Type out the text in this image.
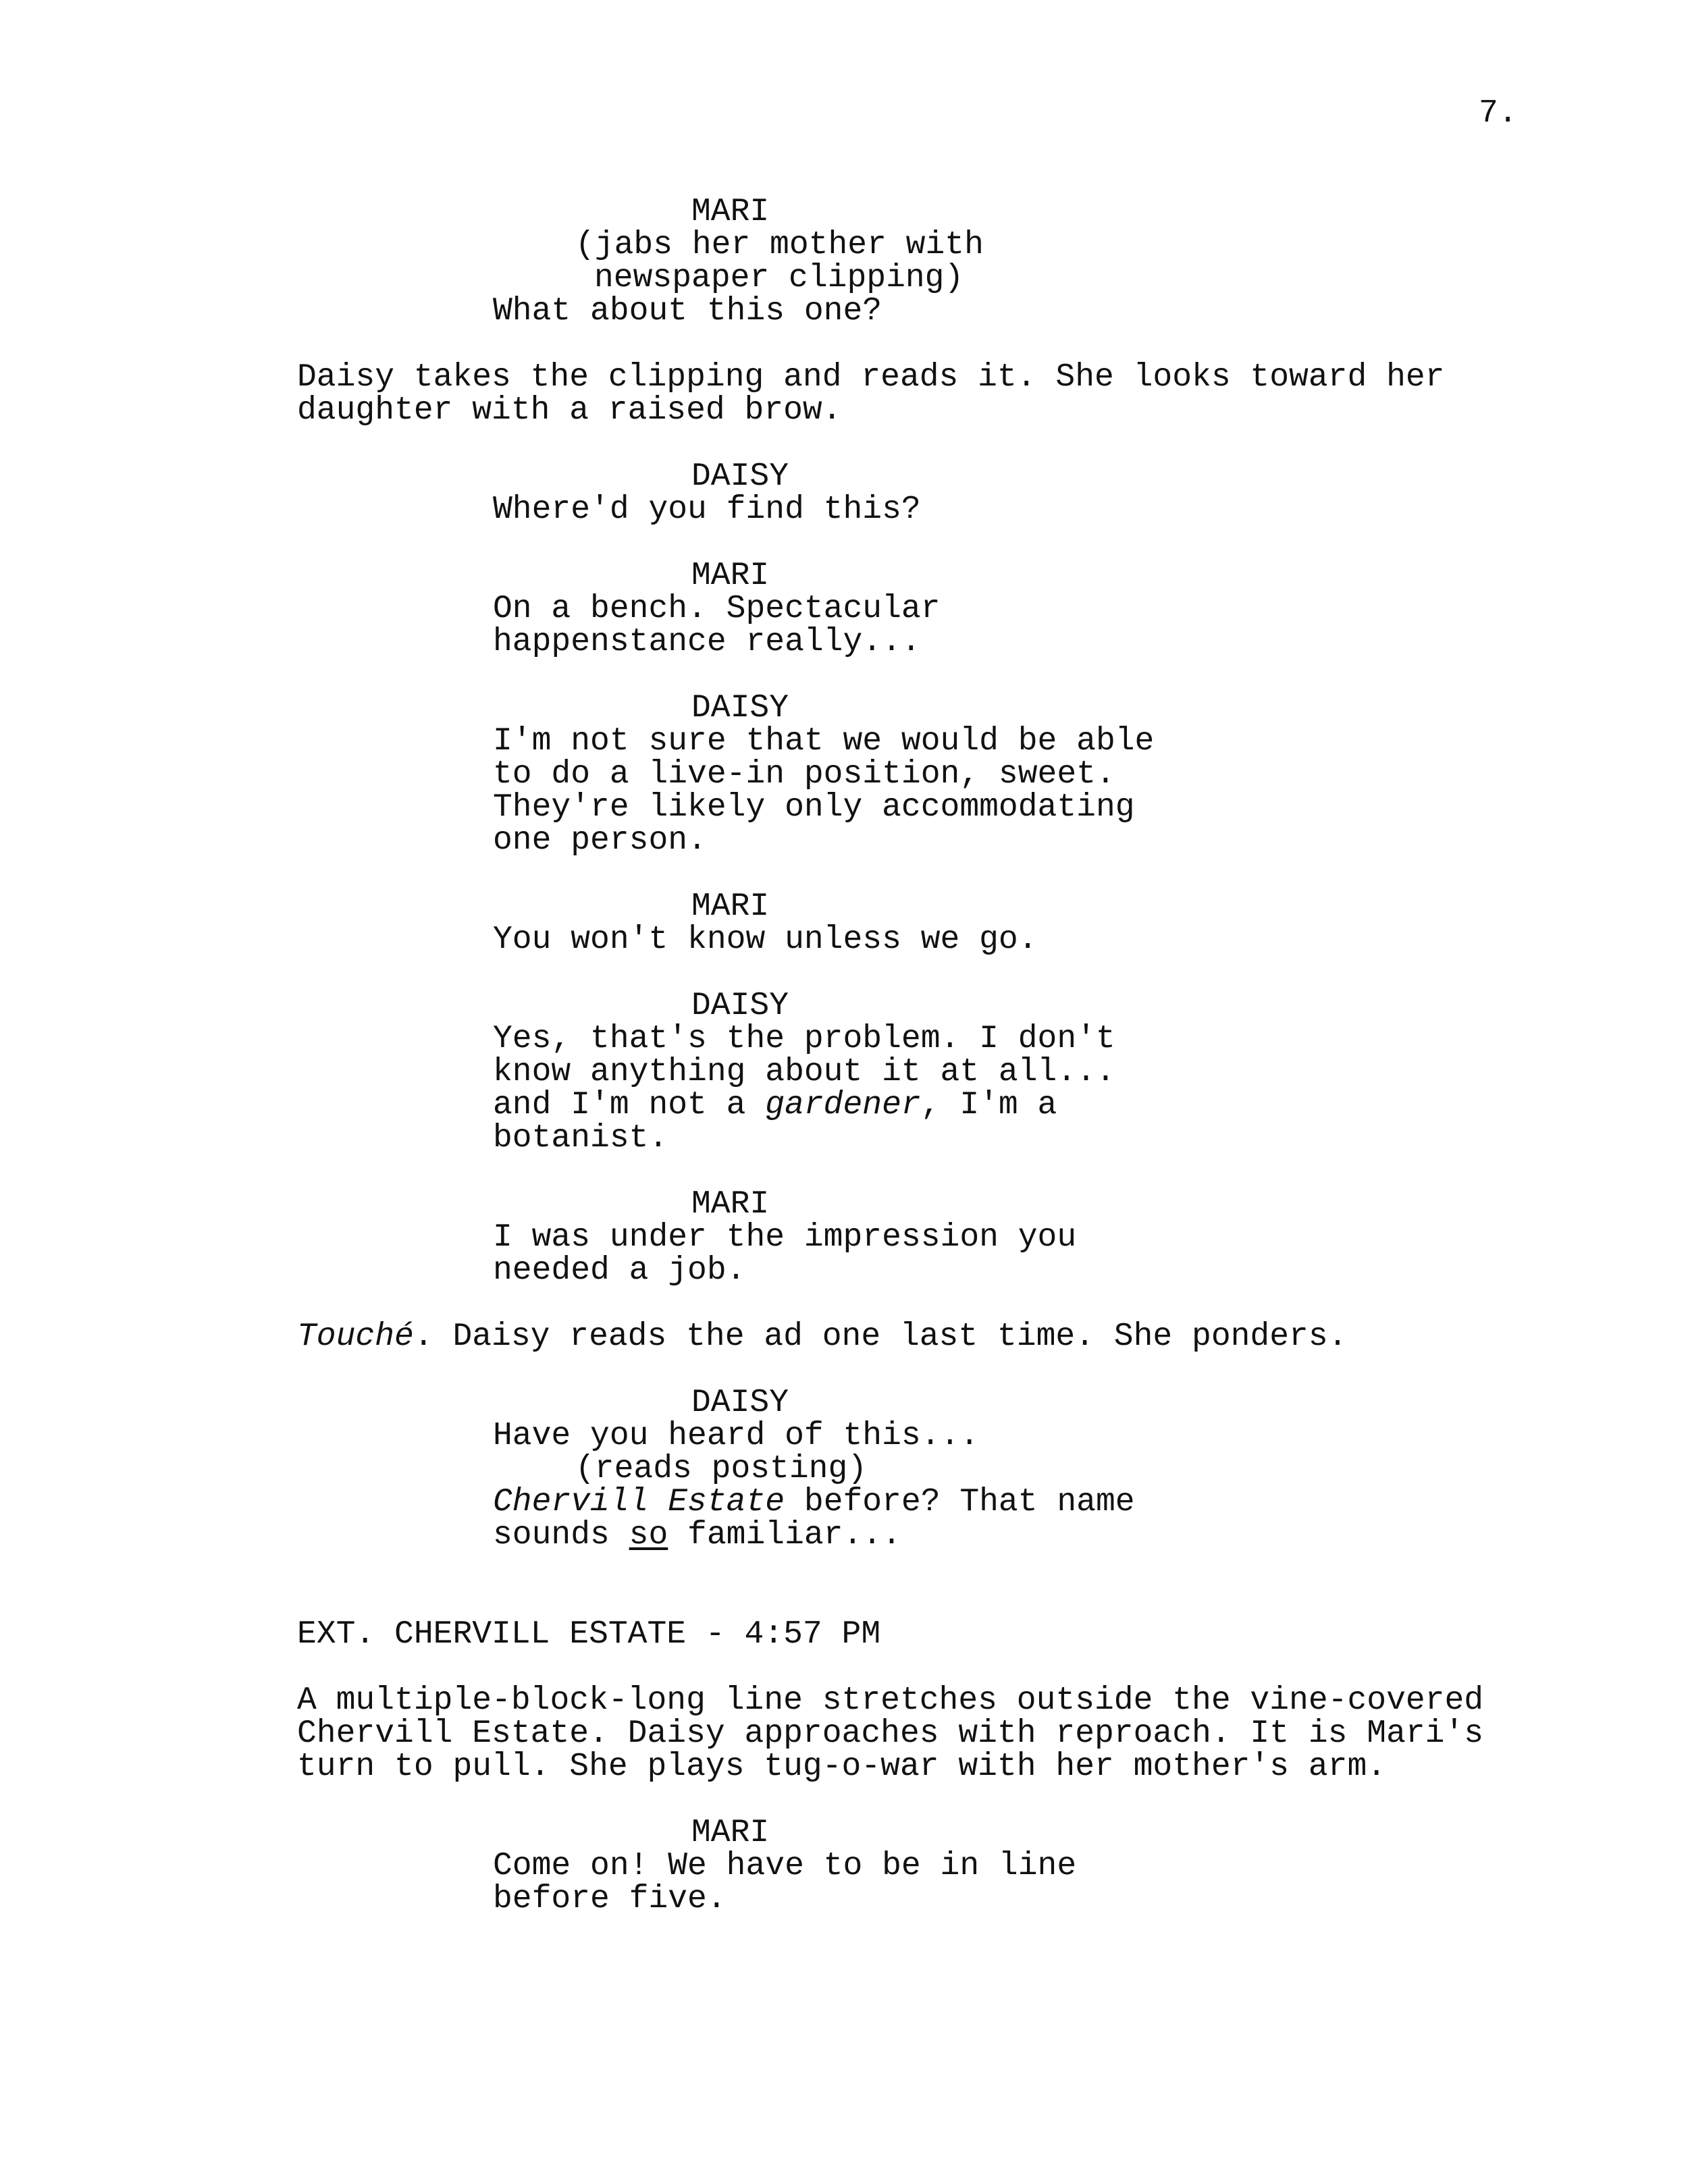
7.
MARI
(jabs her mother with
newspaper clipping)
What about this one?
Daisy takes the clipping and reads it. She looks toward her
daughter with a raised brow.
DAISY
Where'd you find this?
MARI
On a bench. Spectacular
happenstance really...
DAISY
I'm not sure that we would be able
to do a live-in position, sweet.
They're likely only accommodating
one person.
MARI
You won't know unless we go.
DAISY
Yes, that's the problem. I don't
know anything about it at all...
and I'm not a gardener, I'm a
botanist.
MARI
I was under the impression you
needed a job.
Touché. Daisy reads the ad one last time. She ponders.
DAISY
Have you heard of this...
(reads posting)
Chervill Estate before? That name
sounds so familiar...
EXT. CHERVILL ESTATE - 4:57 PM
A multiple-block-long line stretches outside the vine-covered
Chervill Estate. Daisy approaches with reproach. It is Mari's
turn to pull. She plays tug-o-war with her mother's arm.
MARI
Come on! We have to be in line
before five.
